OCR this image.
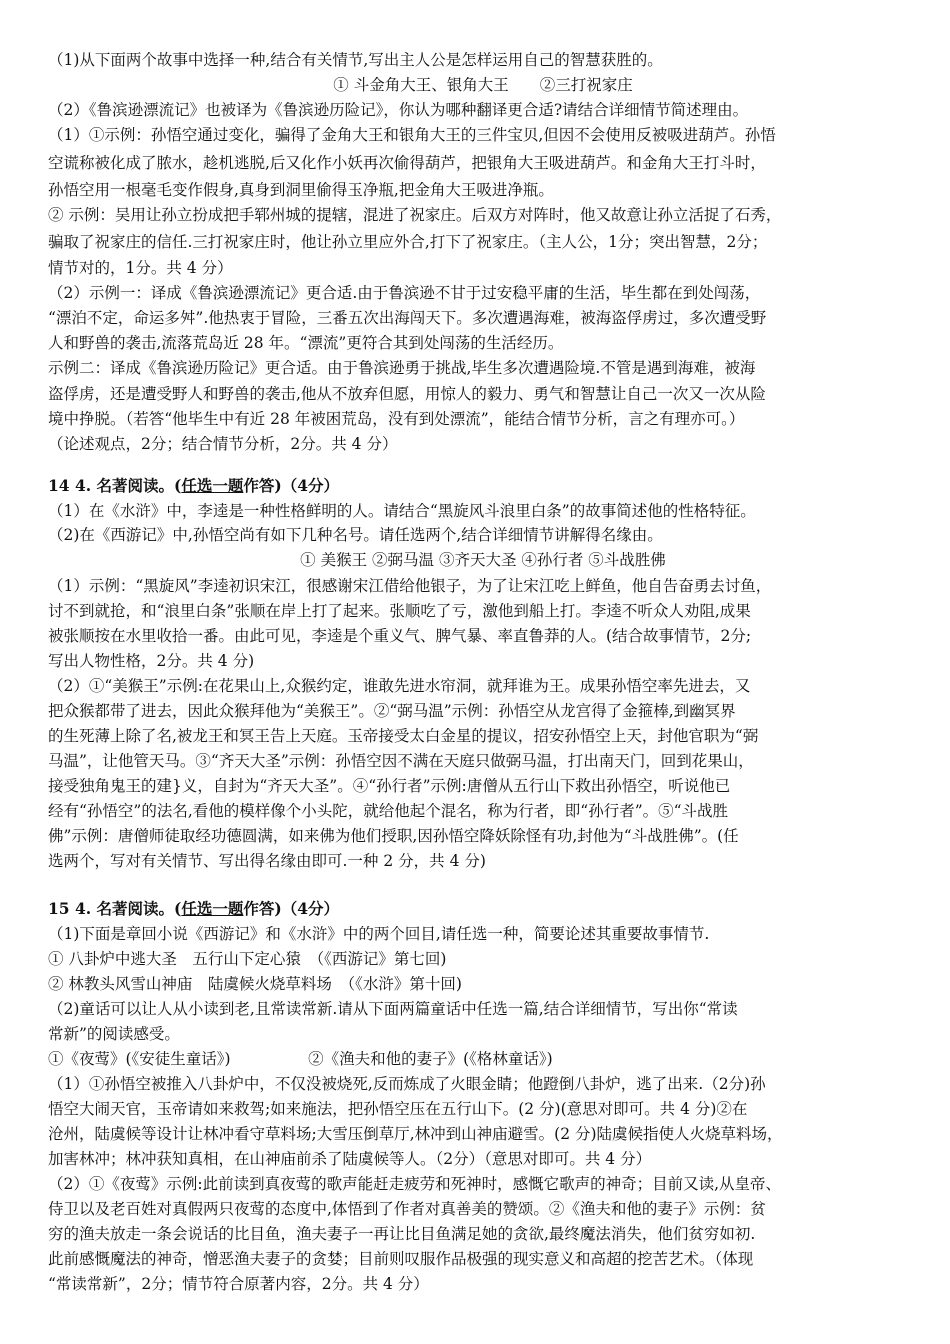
（1)从下面两个故事中选择一种,结合有关情节,写出主人公是怎样运用自己的智慧获胜的。
① 斗金角大王、银角大王　　②三打祝家庄
（2）《鲁滨逊漂流记》也被译为《鲁滨逊历险记》，你认为哪种翻译更合适?请结合详细情节简述理由。
（1）①示例：孙悟空通过变化，骗得了金角大王和银角大王的三件宝贝,但因不会使用反被吸进葫芦。孙悟
空谎称被化成了脓水，趁机逃脱,后又化作小妖再次偷得葫芦，把银角大王吸进葫芦。和金角大王打斗时，
孙悟空用一根毫毛变作假身,真身到洞里偷得玉净瓶,把金角大王吸进净瓶。
② 示例：吴用让孙立扮成把手郓州城的提辖，混进了祝家庄。后双方对阵时，他又故意让孙立活捉了石秀，
骗取了祝家庄的信任.三打祝家庄时，他让孙立里应外合,打下了祝家庄。（主人公，1分；突出智慧，2分；
情节对的，1分。共 4 分）
（2）示例一：译成《鲁滨逊漂流记》更合适.由于鲁滨逊不甘于过安稳平庸的生活，毕生都在到处闯荡，
“漂泊不定，命运多舛”.他热衷于冒险，三番五次出海闯天下。多次遭遇海难，被海盗俘虏过，多次遭受野
人和野兽的袭击,流落荒岛近 28 年。“漂流”更符合其到处闯荡的生活经历。
示例二：译成《鲁滨逊历险记》更合适。由于鲁滨逊勇于挑战,毕生多次遭遇险境.不管是遇到海难，被海
盗俘虏，还是遭受野人和野兽的袭击,他从不放弃但愿，用惊人的毅力、勇气和智慧让自己一次又一次从险
境中挣脱。（若答“他毕生中有近 28 年被困荒岛，没有到处漂流”，能结合情节分析，言之有理亦可。）
（论述观点，2分；结合情节分析，2分。共 4 分）
14 4. 名著阅读。(任选一题作答)（4分）
（1）在《水浒》中，李逵是一种性格鲜明的人。请结合“黑旋风斗浪里白条”的故事简述他的性格特征。
（2)在《西游记》中,孙悟空尚有如下几种名号。请任选两个,结合详细情节讲解得名缘由。
① 美猴王 ②弼马温 ③齐天大圣 ④孙行者 ⑤斗战胜佛
（1）示例：“黑旋风”李逵初识宋江，很感谢宋江借给他银子，为了让宋江吃上鲜鱼，他自告奋勇去讨鱼，
讨不到就抢，和“浪里白条”张顺在岸上打了起来。张顺吃了亏，激他到船上打。李逵不听众人劝阻,成果
被张顺按在水里收拾一番。由此可见，李逵是个重义气、脾气暴、率直鲁莽的人。(结合故事情节，2分;
写出人物性格，2分。共 4 分)
（2）①“美猴王”示例:在花果山上,众猴约定，谁敢先进水帘洞，就拜谁为王。成果孙悟空率先进去，又
把众猴都带了进去，因此众猴拜他为“美猴王”。②“弼马温”示例：孙悟空从龙宫得了金箍棒,到幽冥界
的生死薄上除了名,被龙王和冥王告上天庭。玉帝接受太白金星的提议，招安孙悟空上天，封他官职为“弼
马温”，让他管天马。③“齐天大圣”示例：孙悟空因不满在天庭只做弼马温，打出南天门，回到花果山，
接受独角鬼王的建}义，自封为“齐天大圣”。④“孙行者”示例:唐僧从五行山下救出孙悟空，听说他已
经有“孙悟空”的法名,看他的模样像个小头陀，就给他起个混名，称为行者，即“孙行者”。⑤“斗战胜
佛”示例：唐僧师徒取经功德圆满，如来佛为他们授职,因孙悟空降妖除怪有功,封他为“斗战胜佛”。(任
选两个，写对有关情节、写出得名缘由即可.一种 2 分，共 4 分)
15 4. 名著阅读。(任选一题作答)（4分）
（1)下面是章回小说《西游记》和《水浒》中的两个回目,请任选一种，简要论述其重要故事情节.
① 八卦炉中逃大圣　五行山下定心猿　（《西游记》第七回)
② 林教头风雪山神庙　陆虞候火烧草料场　（《水浒》第十回)
（2)童话可以让人从小读到老,且常读常新.请从下面两篇童话中任选一篇,结合详细情节，写出你“常读
常新”的阅读感受。
①《夜莺》(《安徒生童话》)　　　　　②《渔夫和他的妻子》(《格林童话》)
（1）①孙悟空被推入八卦炉中，不仅没被烧死,反而炼成了火眼金睛；他蹬倒八卦炉，逃了出来.（2分)孙
悟空大闹天官，玉帝请如来救驾;如来施法，把孙悟空压在五行山下。(2 分)(意思对即可。共 4 分)②在
沧州，陆虞候等设计让林冲看守草料场;大雪压倒草厅,林冲到山神庙避雪。(2 分)陆虞候指使人火烧草料场，
加害林冲；林冲获知真相，在山神庙前杀了陆虞候等人。（2分）（意思对即可。共 4 分）
（2）①《夜莺》示例:此前读到真夜莺的歌声能赶走疲劳和死神时，感慨它歌声的神奇；目前又读,从皇帝、
侍卫以及老百姓对真假两只夜莺的态度中,体悟到了作者对真善美的赞颂。②《渔夫和他的妻子》示例：贫
穷的渔夫放走一条会说话的比目鱼，渔夫妻子一再让比目鱼满足她的贪欲,最终魔法消失，他们贫穷如初.
此前感慨魔法的神奇，憎恶渔夫妻子的贪婪；目前则叹服作品极强的现实意义和高超的挖苦艺术。（体现
“常读常新”，2分；情节符合原著内容，2分。共 4 分）
